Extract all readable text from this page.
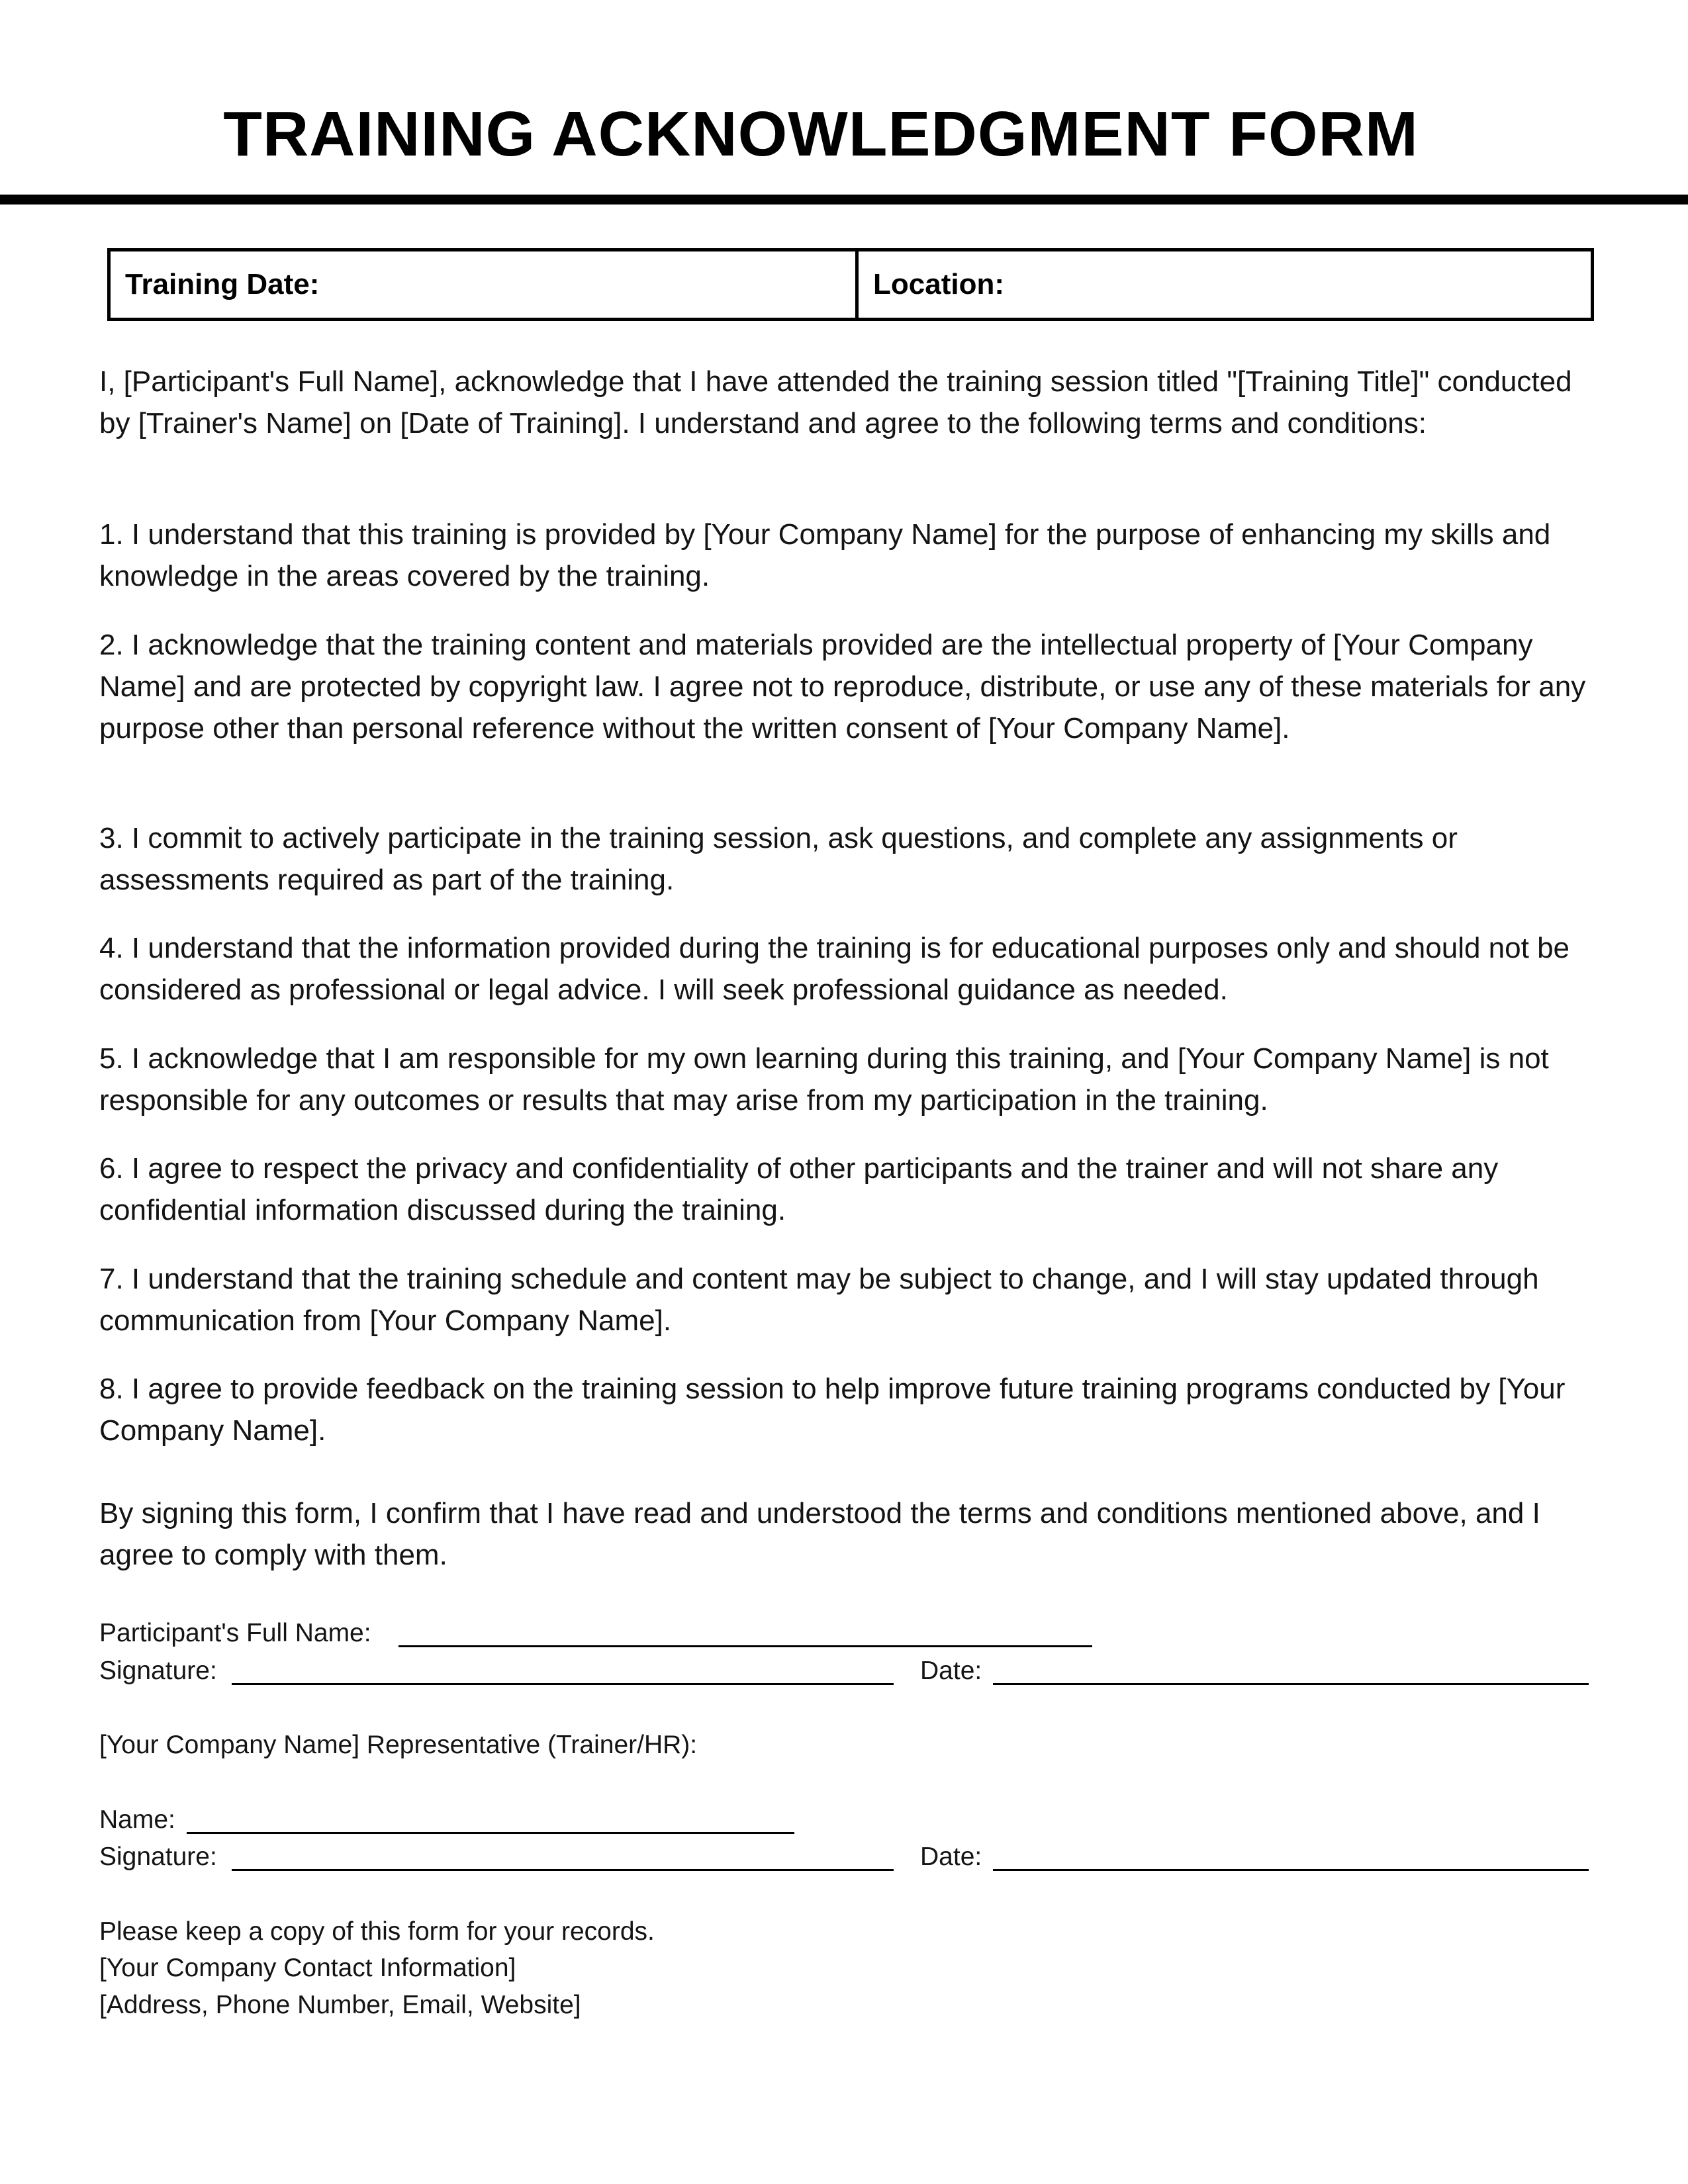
TRAINING ACKNOWLEDGMENT FORM
Training Date:	Location:

I, [Participant's Full Name], acknowledge that I have attended the training session titled "[Training Title]" conducted by [Trainer's Name] on [Date of Training]. I understand and agree to the following terms and conditions:

1. I understand that this training is provided by [Your Company Name] for the purpose of enhancing my skills and knowledge in the areas covered by the training.

2. I acknowledge that the training content and materials provided are the intellectual property of [Your Company Name] and are protected by copyright law. I agree not to reproduce, distribute, or use any of these materials for any purpose other than personal reference without the written consent of [Your Company Name].

3. I commit to actively participate in the training session, ask questions, and complete any assignments or assessments required as part of the training.

4. I understand that the information provided during the training is for educational purposes only and should not be considered as professional or legal advice. I will seek professional guidance as needed.

5. I acknowledge that I am responsible for my own learning during this training, and [Your Company Name] is not responsible for any outcomes or results that may arise from my participation in the training.

6. I agree to respect the privacy and confidentiality of other participants and the trainer and will not share any confidential information discussed during the training.

7. I understand that the training schedule and content may be subject to change, and I will stay updated through communication from [Your Company Name].

8. I agree to provide feedback on the training session to help improve future training programs conducted by [Your Company Name].

By signing this form, I confirm that I have read and understood the terms and conditions mentioned above, and I agree to comply with them.

Participant's Full Name:
Signature:	Date:
[Your Company Name] Representative (Trainer/HR):
Name:
Signature:	Date:
Please keep a copy of this form for your records.
[Your Company Contact Information]
[Address, Phone Number, Email, Website]
